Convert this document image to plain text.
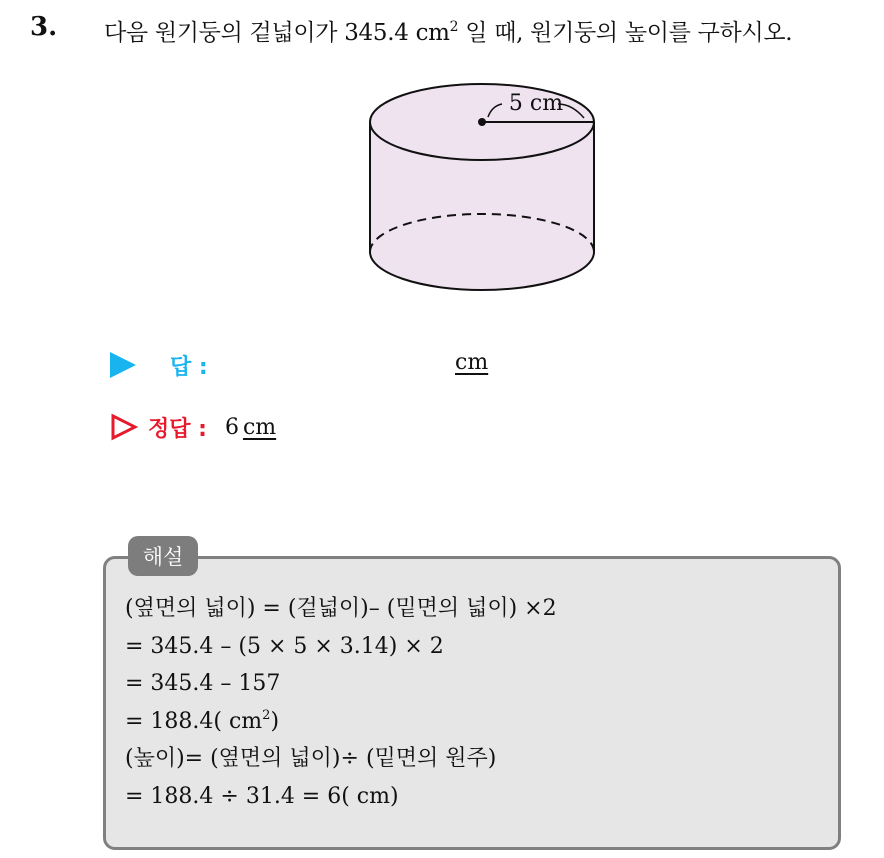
3. 다음 원기둥의 겉넓이가 345.4 $cm^2$ 일 때, 원기둥의 높이를 구하시오.
5 cm
답 :	cm
정답 : 6 cm
해설
(옆면의 넓이) = (겉넓이)– (밑면의 넓이) ×2
= 345.4 – (5 × 5 × 3.14) × 2
= 345.4 – 157
= 188.4( $cm^2$)
(높이)= (옆면의 넓이)÷ (밑면의 원주)
= 188.4 ÷ 31.4 = 6( cm)
